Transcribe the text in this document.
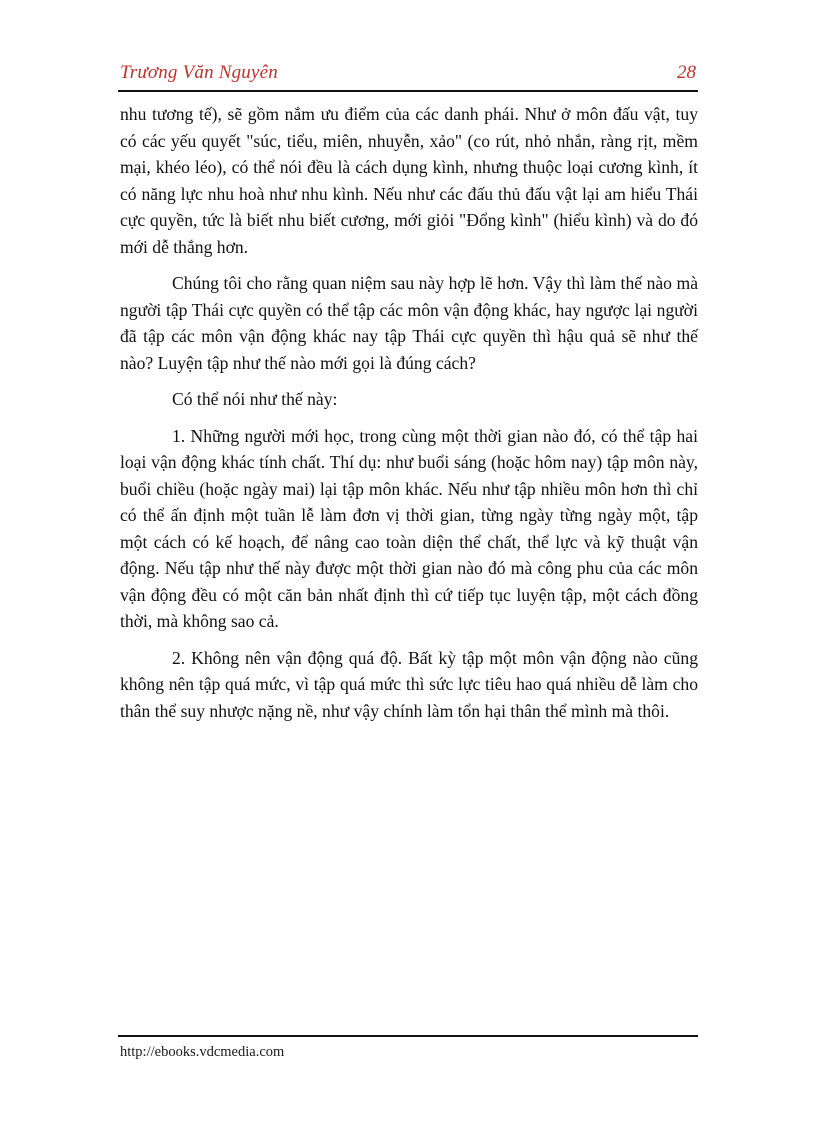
Trương Văn Nguyên	28

nhu tương tế), sẽ gồm nắm ưu điểm của các danh phái. Như ở môn đấu vật, tuy có các yếu quyết "súc, tiểu, miên, nhuyễn, xảo" (co rút, nhỏ nhắn, ràng rịt, mềm mại, khéo léo), có thể nói đều là cách dụng kình, nhưng thuộc loại cương kình, ít có năng lực nhu hoà như nhu kình. Nếu như các đấu thủ đấu vật lại am hiểu Thái cực quyền, tức là biết nhu biết cương, mới giỏi "Đổng kình" (hiểu kình) và do đó mới dễ thắng hơn.

Chúng tôi cho rằng quan niệm sau này hợp lẽ hơn. Vậy thì làm thế nào mà người tập Thái cực quyền có thể tập các môn vận động khác, hay ngược lại người đã tập các môn vận động khác nay tập Thái cực quyền thì hậu quả sẽ như thế nào? Luyện tập như thế nào mới gọi là đúng cách?

Có thể nói như thế này:

1. Những người mới học, trong cùng một thời gian nào đó, có thể tập hai loại vận động khác tính chất. Thí dụ: như buổi sáng (hoặc hôm nay) tập môn này, buổi chiều (hoặc ngày mai) lại tập môn khác. Nếu như tập nhiều môn hơn thì chỉ có thể ấn định một tuần lễ làm đơn vị thời gian, từng ngày từng ngày một, tập một cách có kế hoạch, để nâng cao toàn diện thể chất, thể lực và kỹ thuật vận động. Nếu tập như thế này được một thời gian nào đó mà công phu của các môn vận động đều có một căn bản nhất định thì cứ tiếp tục luyện tập, một cách đồng thời, mà không sao cả.

2. Không nên vận động quá độ. Bất kỳ tập một môn vận động nào cũng không nên tập quá mức, vì tập quá mức thì sức lực tiêu hao quá nhiều dễ làm cho thân thể suy nhược nặng nề, như vậy chính làm tổn hại thân thể mình mà thôi.

http://ebooks.vdcmedia.com
